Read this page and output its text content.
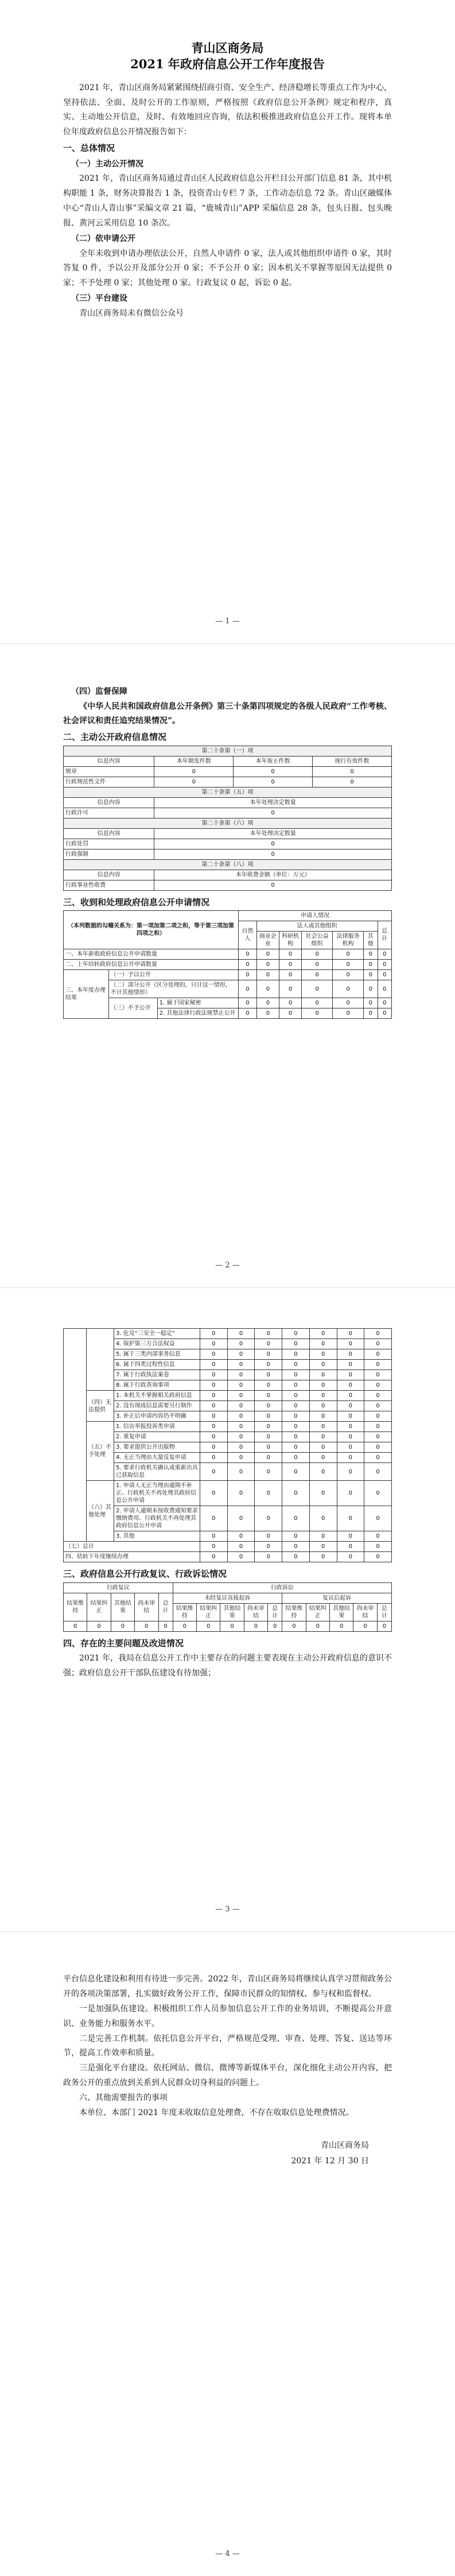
青山区商务局
2021 年政府信息公开工作年度报告

2021 年，青山区商务局紧紧围绕招商引资、安全生产、经济稳增长等重点工作为中心，坚持依法、全面、及时公开的工作原则，严格按照《政府信息公开条例》规定和程序，真实、主动地公开信息，及时、有效地回应咨询，依法积极推进政府信息公开工作。现将本单位年度政府信息公开情况报告如下：

一、总体情况
（一）主动公开情况

2021 年，青山区商务局通过青山区人民政府信息公开栏目公开部门信息 81 条，其中机构职能 1 条，财务决算报告 1 条，投资青山专栏 7 条，工作动态信息 72 条。青山区融媒体中心“青山人青山事”采编文章 21 篇，“鹿城青山”APP 采编信息 28 条，包头日报、包头晚报、黄河云采用信息 10 条次。

（二）依申请公开

全年未收到申请办理依法公开，自然人申请件 0 家，法人或其他组织申请件 0 家，其时答复 0 件，予以公开及部分公开 0 家；不予公开 0 家；因本机关不掌握等原因无法提供 0 家；不予处理 0 家；其他处理 0 家。行政复议 0 起，诉讼 0 起。

（三）平台建设

青山区商务局未有微信公众号

— 1 —
（四）监督保障

《中华人民共和国政府信息公开条例》第三十条第四项规定的各级人民政府“工作考核、社会评议和责任追究结果情况”。

二、主动公开政府信息情况
第二十条第（一）项			
信息内容	本年制发件数	本年废止件数	现行有效件数
规章	0	0	0
行政规范性文件	0	0	0
第二十条第（五）项			
信息内容	本年处理决定数量		
行政许可	0		
第二十条第（六）项			
信息内容	本年处理决定数量		
行政处罚	0		
行政强制	0		
第二十条第（八）项			
信息内容	本年收费金额（单位：万元）		
行政事业性收费	0		
三、收到和处理政府信息公开申请情况
（本列数据的勾稽关系为：第一项加第二项之和，等于第三项加第四项之和）			申请人情况						
			自然人	法人或其他组织					总计
				商业企业	科研机构	社会公益组织	法律服务机构	其他	
一、本年新收政府信息公开申请数量			0	0	0	0	0	0	0
二、上年结转政府信息公开申请数量			0	0	0	0	0	0	0
三、本年度办理结果	（一）予以公开		0	0	0	0	0	0	0
	（二）部分公开（区分处理的，只计这一情形，不计其他情形）		0	0	0	0	0	0	0
	（三）不予公开	1. 属于国家秘密	0	0	0	0	0	0	0
		2. 其他法律行政法规禁止公开	0	0	0	0	0	0	0
— 2 —
		3. 危及“三安全一稳定”	0	0	0	0	0	0	0
		4. 保护第三方合法权益	0	0	0	0	0	0	0
		5. 属于三类内部事务信息	0	0	0	0	0	0	0
		6. 属于四类过程性信息	0	0	0	0	0	0	0
		7. 属于行政执法案卷	0	0	0	0	0	0	0
		8. 属于行政查询事项	0	0	0	0	0	0	0
	（四）无法提供	1. 本机关不掌握相关政府信息	0	0	0	0	0	0	0
		2. 没有现成信息需要另行制作	0	0	0	0	0	0	0
		3. 补正后申请内容仍不明确	0	0	0	0	0	0	0
	（五）不予处理	1. 信访举报投诉类申请	0	0	0	0	0	0	0
		2. 重复申请	0	0	0	0	0	0	0
		3. 要求提供公开出版物	0	0	0	0	0	0	0
		4. 无正当理由大量反复申请	0	0	0	0	0	0	0
		5. 要求行政机关确认或重新出具已获取信息	0	0	0	0	0	0	0
	（六）其他处理	1. 申请人无正当理由逾期不补正、行政机关不再处理其政府信息公开申请	0	0	0	0	0	0	0
		2. 申请人逾期未按收费通知要求缴纳费用、行政机关不再处理其政府信息公开申请	0	0	0	0	0	0	0
		3. 其他	0	0	0	0	0	0	0
（七）总计			0	0	0	0	0	0	0
四、结转下年度继续办理			0	0	0	0	0	0	0
三、政府信息公开行政复议、行政诉讼情况
行政复议					行政诉讼									
结果维持	结果纠正	其他结果	尚未审结	总计	未经复议直接起诉					复议后起诉				
					结果维持	结果纠正	其他结果	尚未审结	总计	结果维持	结果纠正	其他结果	尚未审结	总计
0	0	0	0	0	0	0	0	0	0	0	0	0	0	0
四、存在的主要问题及改进情况

2021 年，我局在信息公开工作中主要存在的问题主要表现在主动公开政府信息的意识不强；政府信息公开干部队伍建设有待加强；

— 3 —

平台信息化建设和利用有待进一步完善。2022 年，青山区商务局将继续认真学习贯彻政务公开的各项决策部署，扎实做好政务公开工作，保障市民群众的知情权、参与权和监督权。

一是加强队伍建设。积极组织工作人员参加信息公开工作的业务培训，不断提高公开意识、业务能力和服务水平。

二是完善工作机制。依托信息公开平台，严格规范受理、审查、处理、答复、送达等环节，提高工作效率和质量。

三是强化平台建设。依托网站、微信、微博等新媒体平台，深化细化主动公开内容，把政务公开的重点放到关系到人民群众切身利益的问题上。

六、其他需要报告的事项

本单位、本部门 2021 年度未收取信息处理费，不存在收取信息处理费情况。

青山区商务局
2021 年 12 月 30 日
— 4 —
